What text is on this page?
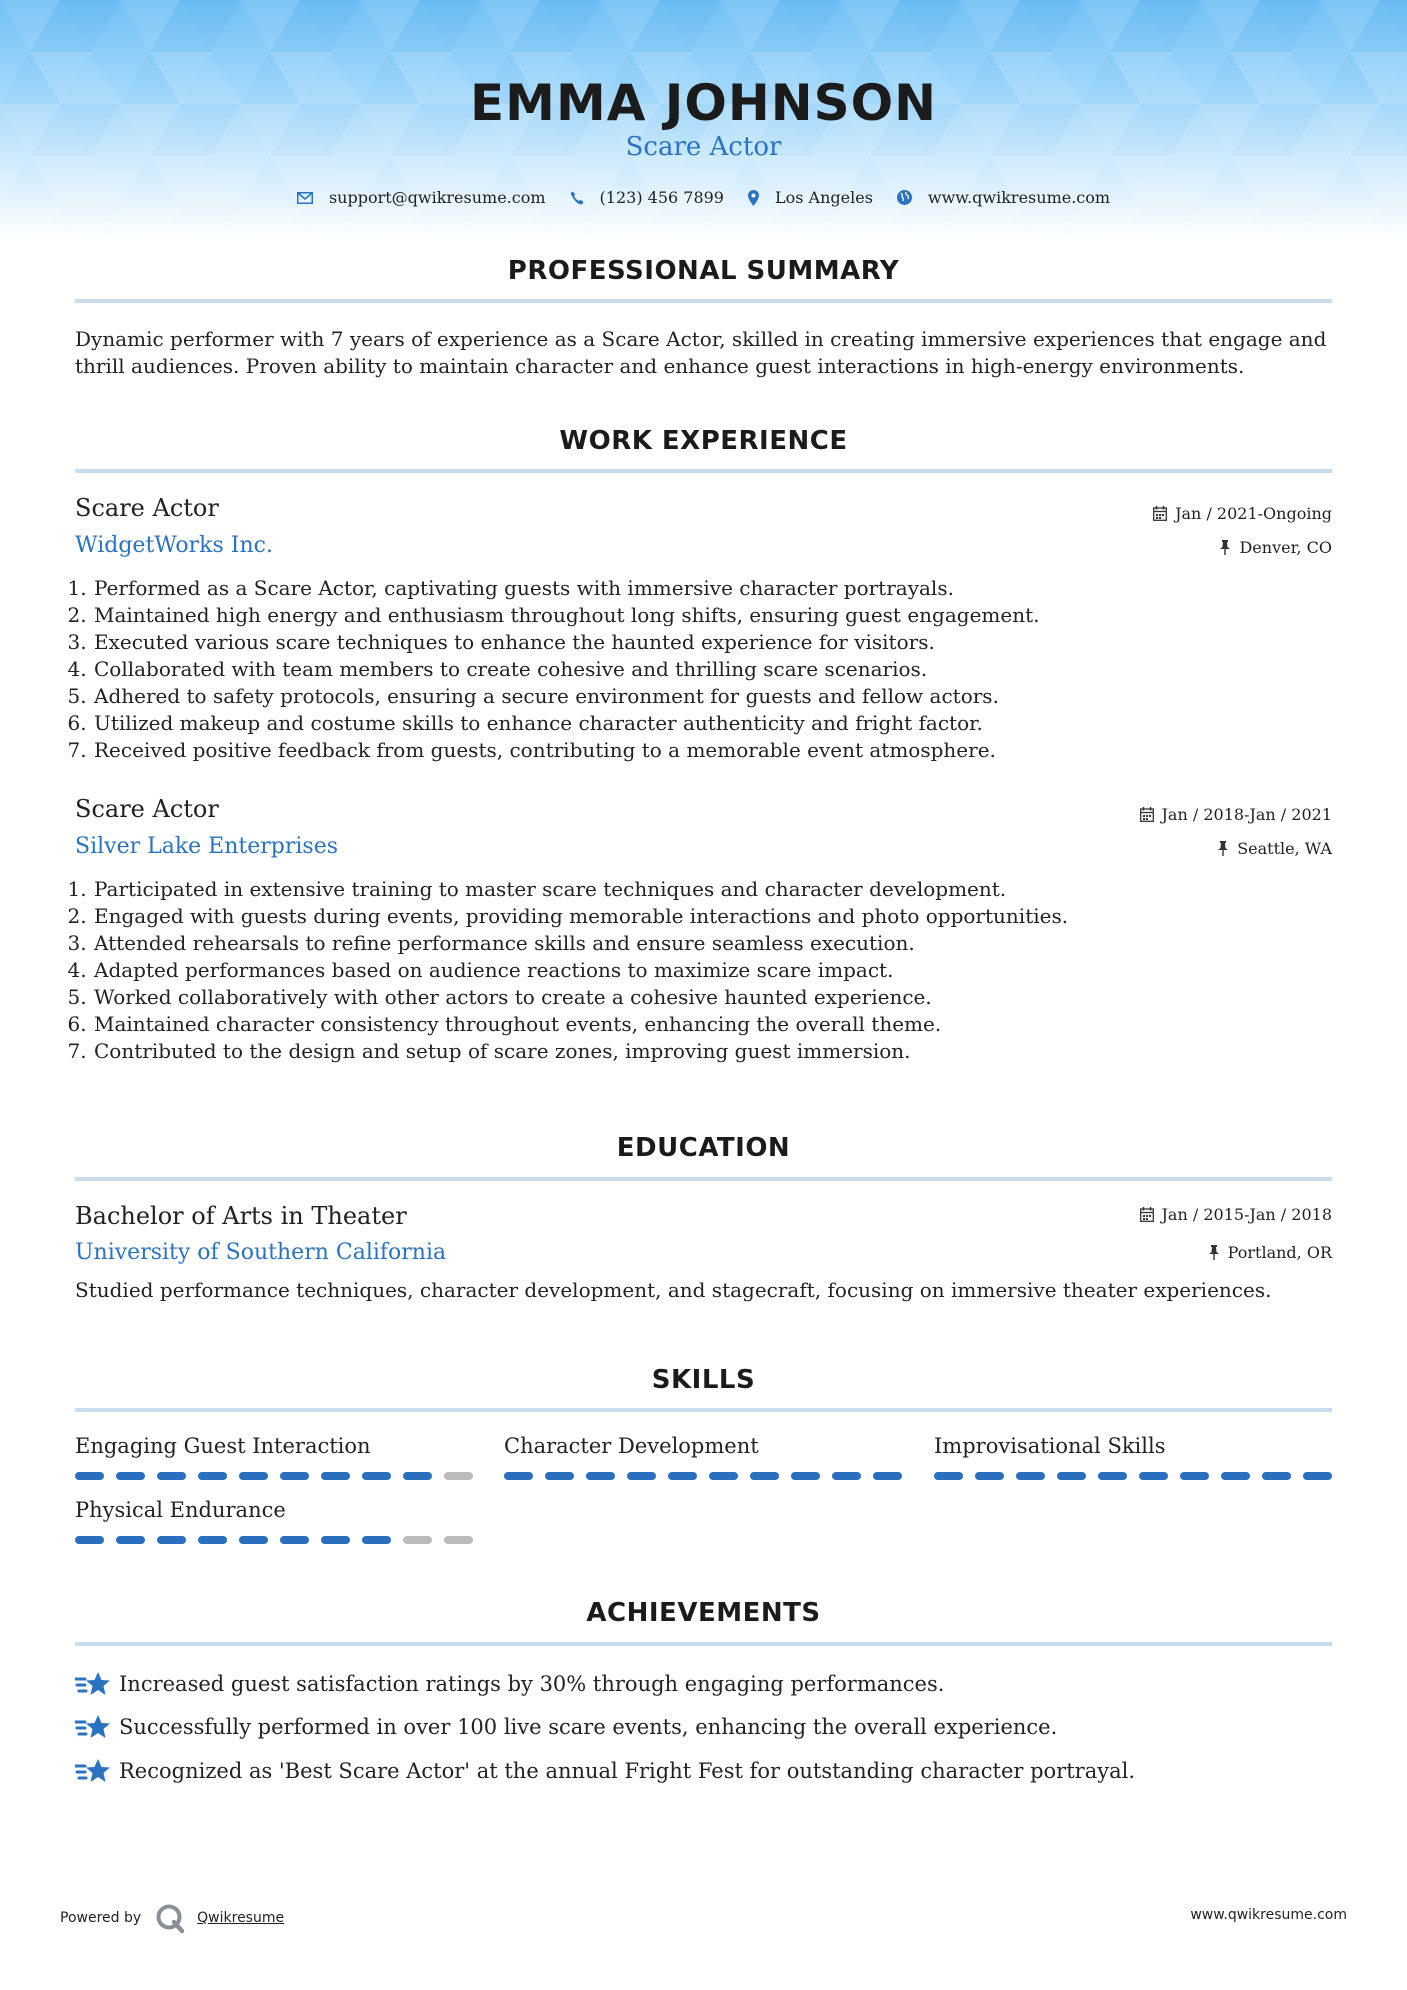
EMMA JOHNSON
Scare Actor
support@qwikresume.com	(123) 456 7899	Los Angeles	www.qwikresume.com
PROFESSIONAL SUMMARY
Dynamic performer with 7 years of experience as a Scare Actor, skilled in creating immersive experiences that engage and thrill audiences. Proven ability to maintain character and enhance guest interactions in high-energy environments.
WORK EXPERIENCE
Scare Actor	Jan / 2021-Ongoing
WidgetWorks Inc.	Denver, CO
1. Performed as a Scare Actor, captivating guests with immersive character portrayals.
2. Maintained high energy and enthusiasm throughout long shifts, ensuring guest engagement.
3. Executed various scare techniques to enhance the haunted experience for visitors.
4. Collaborated with team members to create cohesive and thrilling scare scenarios.
5. Adhered to safety protocols, ensuring a secure environment for guests and fellow actors.
6. Utilized makeup and costume skills to enhance character authenticity and fright factor.
7. Received positive feedback from guests, contributing to a memorable event atmosphere.
Scare Actor	Jan / 2018-Jan / 2021
Silver Lake Enterprises	Seattle, WA
1. Participated in extensive training to master scare techniques and character development.
2. Engaged with guests during events, providing memorable interactions and photo opportunities.
3. Attended rehearsals to refine performance skills and ensure seamless execution.
4. Adapted performances based on audience reactions to maximize scare impact.
5. Worked collaboratively with other actors to create a cohesive haunted experience.
6. Maintained character consistency throughout events, enhancing the overall theme.
7. Contributed to the design and setup of scare zones, improving guest immersion.
EDUCATION
Bachelor of Arts in Theater	Jan / 2015-Jan / 2018
University of Southern California	Portland, OR
Studied performance techniques, character development, and stagecraft, focusing on immersive theater experiences.
SKILLS
Engaging Guest Interaction	Character Development	Improvisational Skills
Physical Endurance
ACHIEVEMENTS
Increased guest satisfaction ratings by 30% through engaging performances.
Successfully performed in over 100 live scare events, enhancing the overall experience.
Recognized as 'Best Scare Actor' at the annual Fright Fest for outstanding character portrayal.
Powered by	Qwikresume	www.qwikresume.com
